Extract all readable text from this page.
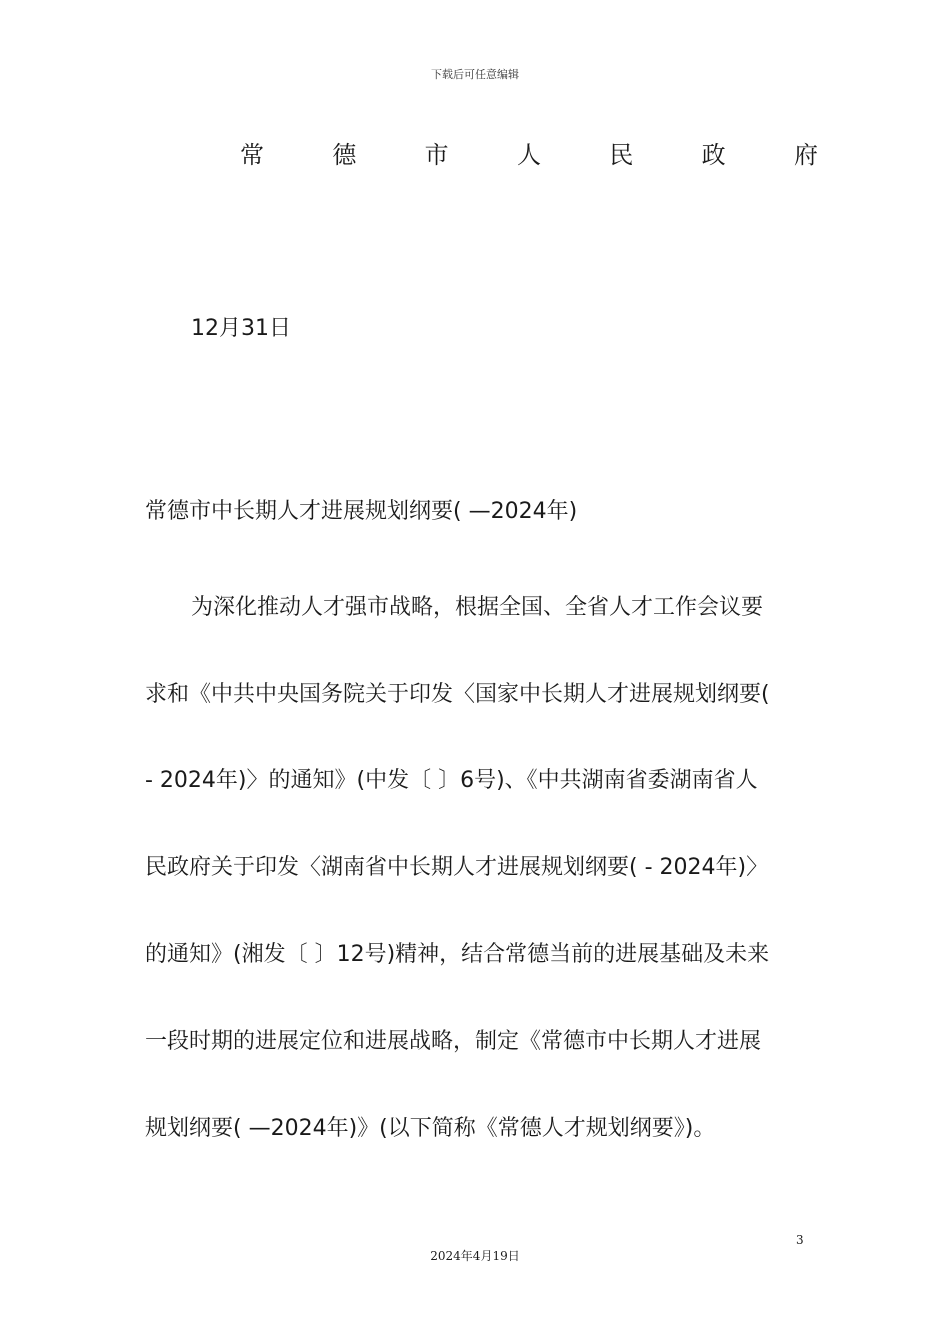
下载后可任意编辑
常	德	市	人	民	政	府
12月31日
常德市中长期人才进展规划纲要( —2024年)
为深化推动人才强市战略，根据全国、全省人才工作会议要
求和《中共中央国务院关于印发〈国家中长期人才进展规划纲要(
- 2024年)〉的通知》(中发〔 〕6号)、《中共湖南省委湖南省人
民政府关于印发〈湖南省中长期人才进展规划纲要( - 2024年)〉
的通知》(湘发〔 〕12号)精神，结合常德当前的进展基础及未来
一段时期的进展定位和进展战略，制定《常德市中长期人才进展
规划纲要( —2024年)》(以下简称《常德人才规划纲要》)。
3
2024年4月19日
